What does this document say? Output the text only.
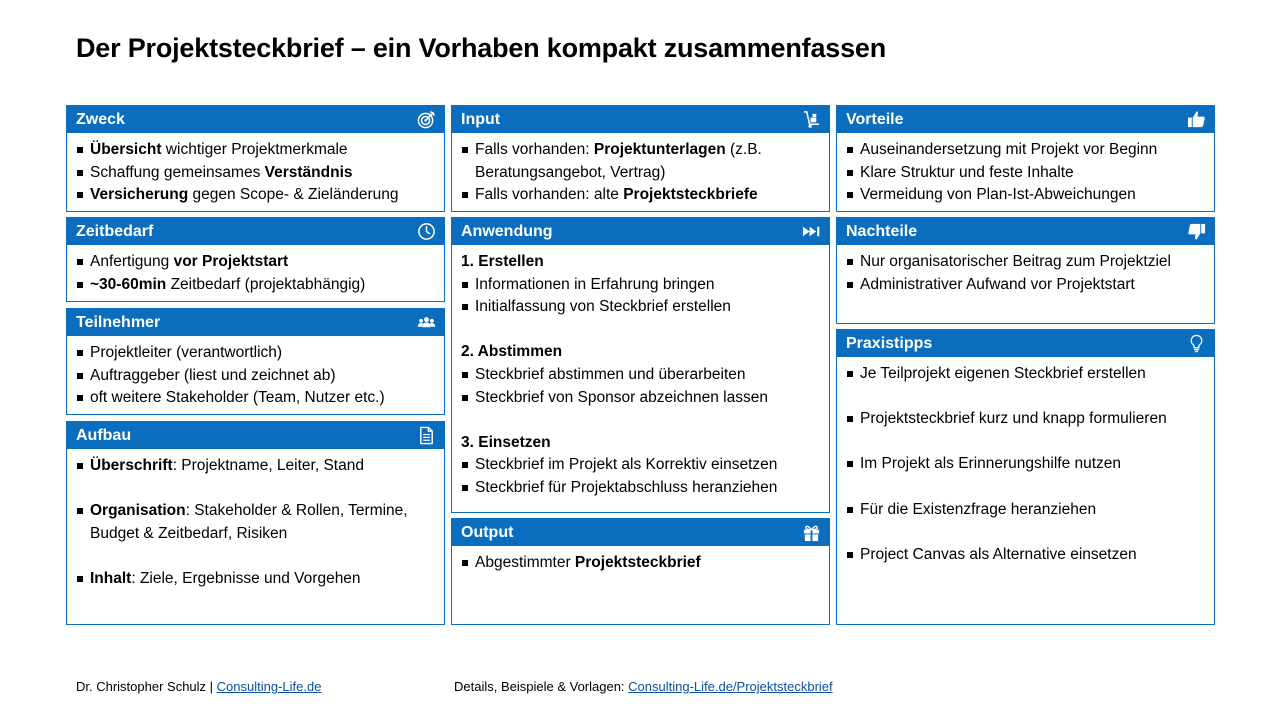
Der Projektsteckbrief – ein Vorhaben kompakt zusammenfassen
Zweck
Übersicht wichtiger Projektmerkmale
Schaffung gemeinsames Verständnis
Versicherung gegen Scope- & Zieländerung
Zeitbedarf
Anfertigung vor Projektstart
~30-60min Zeitbedarf (projektabhängig)
Teilnehmer
Projektleiter (verantwortlich)
Auftraggeber (liest und zeichnet ab)
oft weitere Stakeholder (Team, Nutzer etc.)
Aufbau
Überschrift: Projektname, Leiter, Stand
Organisation: Stakeholder & Rollen, Termine, Budget & Zeitbedarf, Risiken
Inhalt: Ziele, Ergebnisse und Vorgehen
Input
Falls vorhanden: Projektunterlagen (z.B. Beratungsangebot, Vertrag)
Falls vorhanden: alte Projektsteckbriefe
Anwendung
1. Erstellen
Informationen in Erfahrung bringen
Initialfassung von Steckbrief erstellen
2. Abstimmen
Steckbrief abstimmen und überarbeiten
Steckbrief von Sponsor abzeichnen lassen
3. Einsetzen
Steckbrief im Projekt als Korrektiv einsetzen
Steckbrief für Projektabschluss heranziehen
Output
Abgestimmter Projektsteckbrief
Vorteile
Auseinandersetzung mit Projekt vor Beginn
Klare Struktur und feste Inhalte
Vermeidung von Plan-Ist-Abweichungen
Nachteile
Nur organisatorischer Beitrag zum Projektziel
Administrativer Aufwand vor Projektstart
Praxistipps
Je Teilprojekt eigenen Steckbrief erstellen
Projektsteckbrief kurz und knapp formulieren
Im Projekt als Erinnerungshilfe nutzen
Für die Existenzfrage heranziehen
Project Canvas als Alternative einsetzen
Dr. Christopher Schulz | Consulting-Life.de	Details, Beispiele & Vorlagen: Consulting-Life.de/Projektsteckbrief
